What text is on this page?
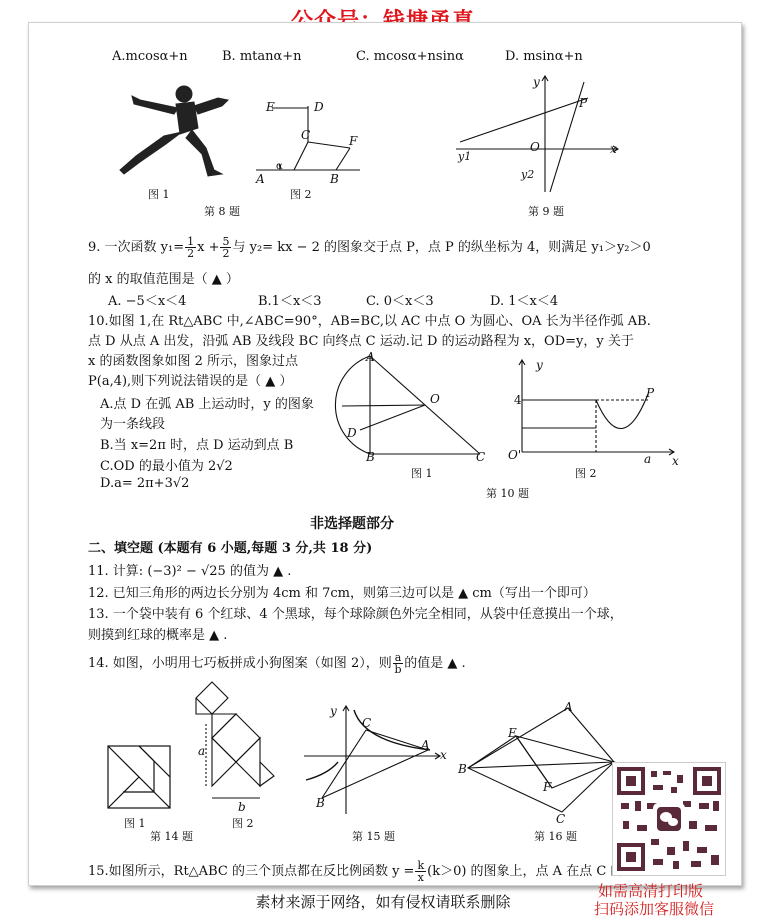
A.mcosα+n	B. mtanα+n	C. mcosα+nsinα	D. msinα+n
图 1
E	D
C	F
A	B
α
图 2
第 8 题
y
P
O	x
y1
y2
第 9 题
9. 一次函数 $y_1= \frac{1}{2}$ $x + \frac{5}{2}$ 与 y₂= kx − 2 的图象交于点 P，点 P 的纵坐标为 4，则满足 y₁＞y₂＞0
的 x 的取值范围是（ ▲ ）
A. −5＜x＜4	B.1＜x＜3	C. 0＜x＜3	D. 1＜x＜4
10.如图 1,在 Rt△ABC 中,∠ABC=90°，AB=BC,以 AC 中点 O 为圆心、OA 长为半径作弧 AB.
点 D 从点 A 出发，沿弧 AB 及线段 BC 向终点 C 运动.记 D 的运动路程为 x，OD=y，y 关于
x 的函数图象如图 2 所示，图象过点
P(a,4),则下列说法错误的是（ ▲ ）
A.点 D 在弧 AB 上运动时，y 的图象
为一条线段
B.当 x=2π 时，点 D 运动到点 B
C.OD 的最小值为 2√2
D.a= 2π+3√2
A
O
D
B	C
图 1
y
4	P
O'	a x
图 2
第 10 题
非选择题部分
二、填空题 (本题有 6 小题,每题 3 分,共 18 分)
11. 计算: (−3)² − √25 的值为 ▲ .
12. 已知三角形的两边长分别为 4cm 和 7cm，则第三边可以是 ▲ cm（写出一个即可）
13. 一个袋中装有 6 个红球、4 个黑球，每个球除颜色外完全相同，从袋中任意摸出一个球，
则摸到红球的概率是 ▲ .
14. 如图，小明用七巧板拼成小狗图案（如图 2），则 $\frac{a}{b}$ 的值是 ▲ .
图 1
a
b
图 2
第 14 题
y
C
A
x
B
第 15 题
A
E
B
F
C
第 16 题
15.如图所示，Rt△ABC 的三个顶点都在反比例函数 $y = \frac{k}{x} (k>0)$ 的图象上，点 A 在点 C 的上
素材来源于网络，如有侵权请联系删除
如需高清打印版
扫码添加客服微信
